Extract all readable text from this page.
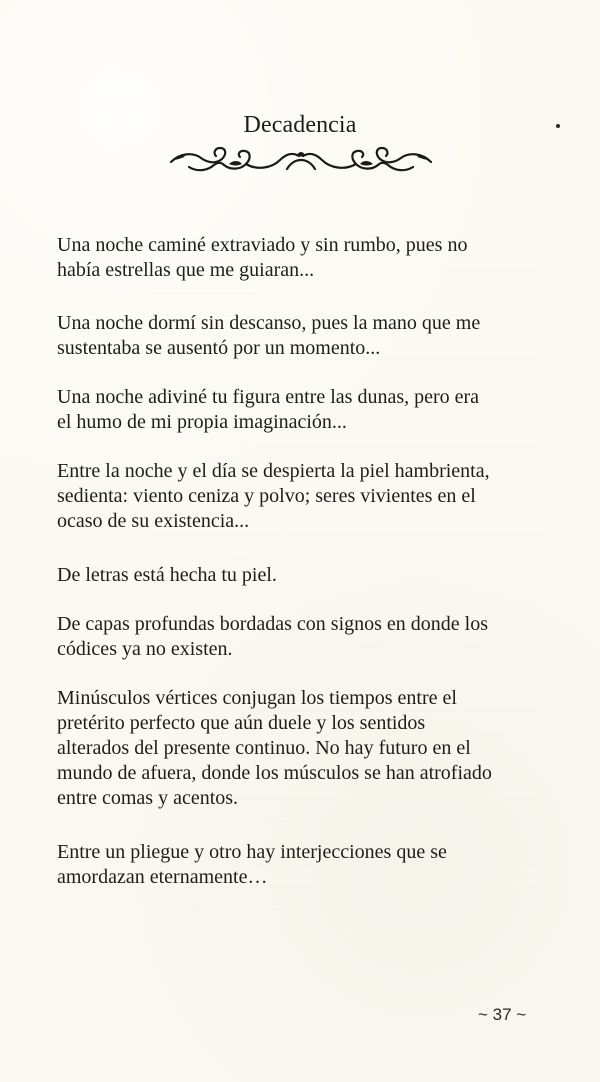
Decadencia

Una noche caminé extraviado y sin rumbo, pues no
había estrellas que me guiaran...

Una noche dormí sin descanso, pues la mano que me
sustentaba se ausentó por un momento...

Una noche adiviné tu figura entre las dunas, pero era
el humo de mi propia imaginación...

Entre la noche y el día se despierta la piel hambrienta,
sedienta: viento ceniza y polvo; seres vivientes en el
ocaso de su existencia...

De letras está hecha tu piel.

De capas profundas bordadas con signos en donde los
códices ya no existen.

Minúsculos vértices conjugan los tiempos entre el
pretérito perfecto que aún duele y los sentidos
alterados del presente continuo. No hay futuro en el
mundo de afuera, donde los músculos se han atrofiado
entre comas y acentos.

Entre un pliegue y otro hay interjecciones que se
amordazan eternamente…

~ 37 ~
